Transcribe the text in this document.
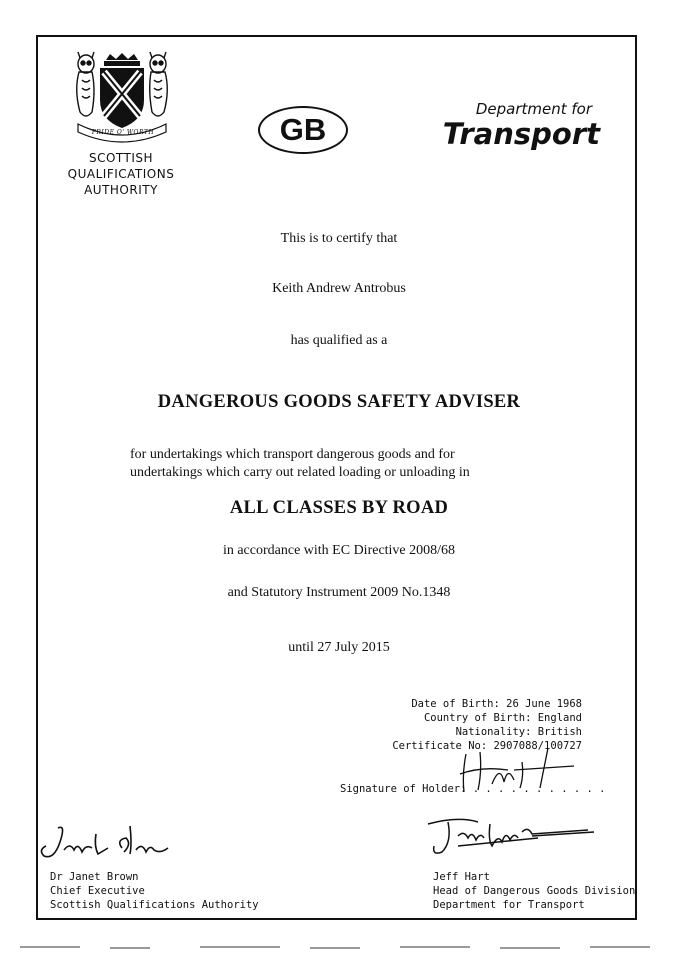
PRIDE O' WORTH
SCOTTISH
QUALIFICATIONS
AUTHORITY
GB
Department for
Transport
This is to certify that
Keith Andrew Antrobus
has qualified as a
DANGEROUS GOODS SAFETY ADVISER
for undertakings which transport dangerous goods and for
undertakings which carry out related loading or unloading in
ALL CLASSES BY ROAD
in accordance with EC Directive 2008/68
and Statutory Instrument 2009 No.1348
until 27 July 2015
Date of Birth: 26 June 1968
Country of Birth: England
Nationality: British
Certificate No: 2907088/100727
Signature of Holder: . . . . . . . . . . .
Dr Janet Brown
Chief Executive
Scottish Qualifications Authority
Jeff Hart
Head of Dangerous Goods Division
Department for Transport
